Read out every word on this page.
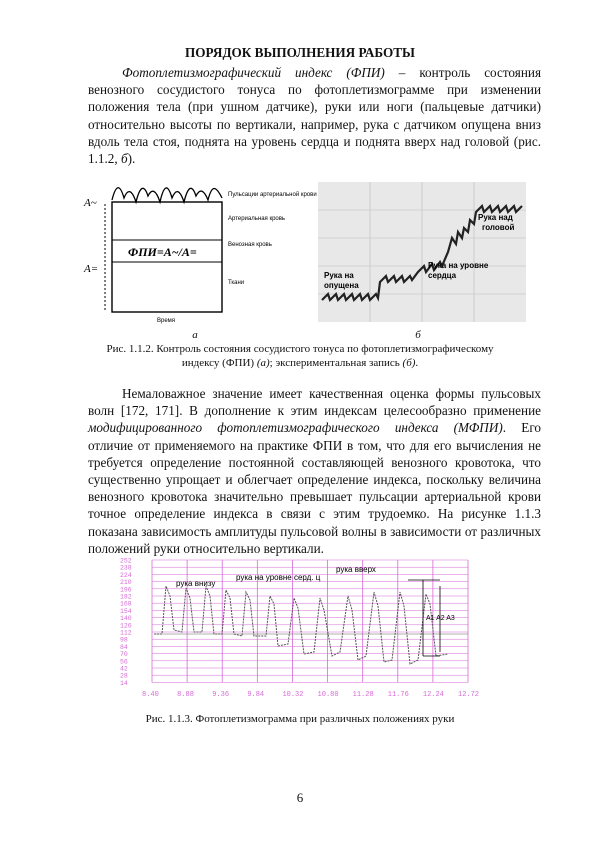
ПОРЯДОК ВЫПОЛНЕНИЯ РАБОТЫ
Фотоплетизмографический индекс (ФПИ) – контроль состояния венозного сосудистого тонуса по фотоплетизмограмме при изменении положения тела (при ушном датчике), руки или ноги (пальцевые датчики) относительно высоты по вертикали, например, рука с датчиком опущена вниз вдоль тела стоя, поднята на уровень сердца и поднята вверх над головой (рис. 1.1.2, б).
A~
A=
ФПИ=A~/A=
Пульсации артериальной крови
Артериальная кровь
Венозная кровь
Ткани
Время
Рука над головой
Рука на уровне сердца
Рука на опущена
а	б
Рис. 1.1.2. Контроль состояния сосудистого тонуса по фотоплетизмографическому
индексу (ФПИ) (а); экспериментальная запись (б).
Немаловажное значение имеет качественная оценка формы пульсовых волн [172, 171]. В дополнение к этим индексам целесообразно применение модифицированного фотоплетизмографического индекса (МФПИ). Его отличие от применяемого на практике ФПИ в том, что для его вычисления не требуется определение постоянной составляющей венозного кровотока, что существенно упрощает и облегчает определение индекса, поскольку величина венозного кровотока значительно превышает пульсации артериальной крови точное определение индекса в связи с этим трудоемко. На рисунке 1.1.3 показана зависимость амплитуды пульсовой волны в зависимости от различных положений руки относительно вертикали.
252
238
224
210
196
182
168
154
140
126
112
98
84
70
56
42
28
14
8.40	8.88	9.36	9.84	10.32 10.80 11.28 11.76 12.24 12.72
A1 A2 A3
рука внизу
рука на уровне серд. ц
рука вверх
Рис. 1.1.3. Фотоплетизмограмма при различных положениях руки
6
